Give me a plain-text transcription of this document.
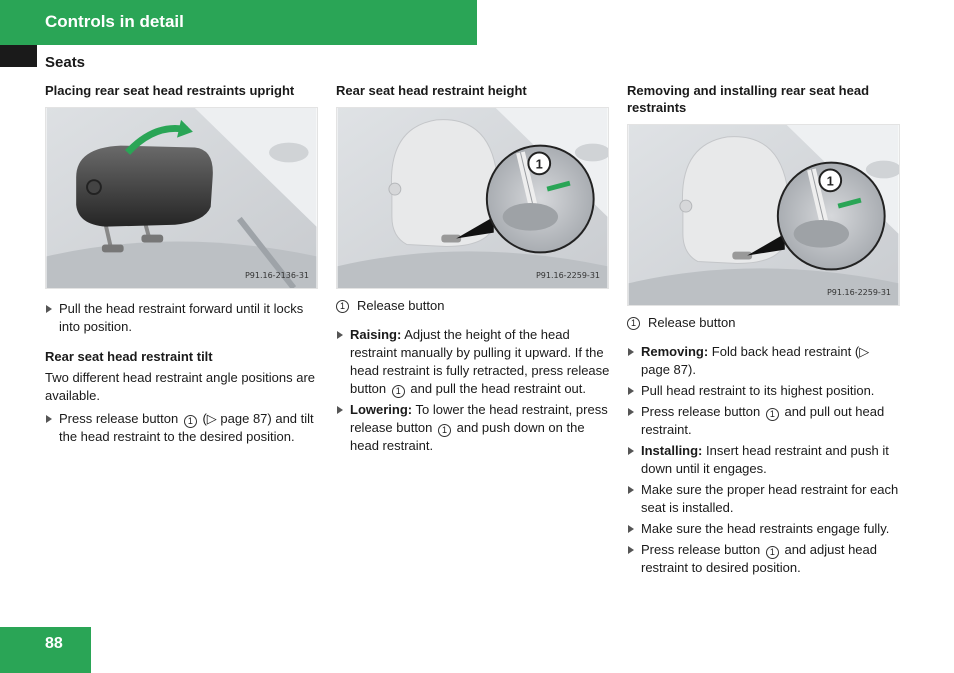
Controls in detail
Seats
Placing rear seat head restraints upright
P91.16-2136-31
Pull the head restraint forward until it locks into position.
Rear seat head restraint tilt

Two different head restraint angle positions are available.

Press release button 1 (▷ page 87) and tilt the head restraint to the desired position.
Rear seat head restraint height
1
P91.16-2259-31
1 Release button
Raising: Adjust the height of the head restraint manually by pulling it upward. If the head restraint is fully retracted, press release button 1 and pull the head restraint out.
Lowering: To lower the head restraint, press release button 1 and push down on the head restraint.
Removing and installing rear seat head restraints
1
P91.16-2259-31
1 Release button
Removing: Fold back head restraint (▷ page 87).
Pull head restraint to its highest position.
Press release button 1 and pull out head restraint.
Installing: Insert head restraint and push it down until it engages.
Make sure the proper head restraint for each seat is installed.
Make sure the head restraints engage fully.
Press release button 1 and adjust head restraint to desired position.
88
